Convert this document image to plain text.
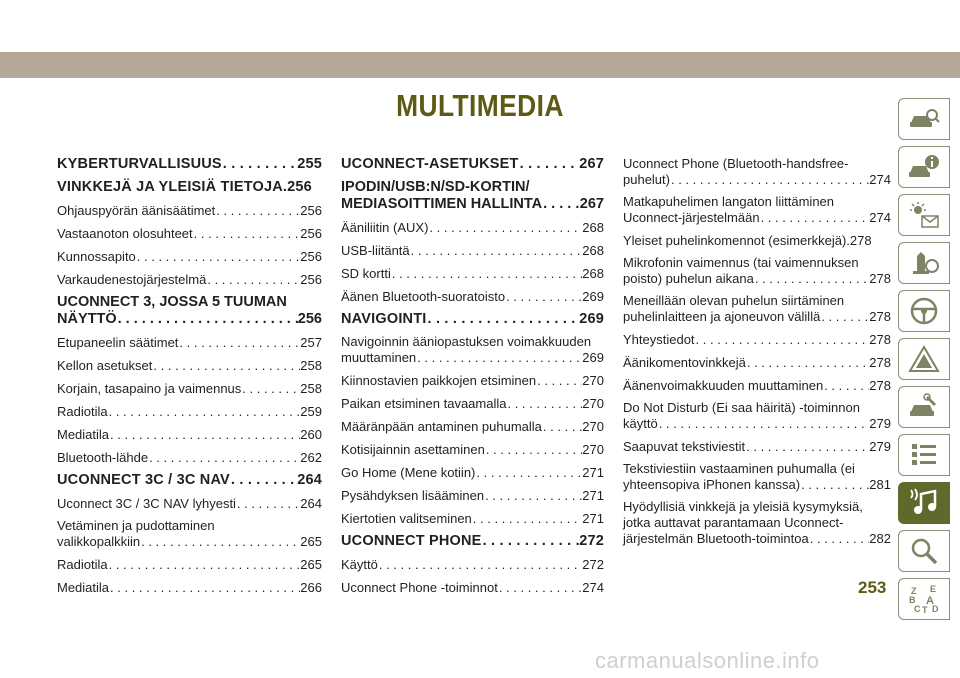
MULTIMEDIA
KYBERTURVALLISUUS . . .	255
VINKKEJÄ JA YLEISIÄ TIETOJA . 256
Ohjauspyörän äänisäätimet . . .	256
Vastaanoton olosuhteet . . .	256
Kunnossapito . . .	256
Varkaudenestojärjestelmä . . .	256
UCONNECT 3, JOSSA 5 TUUMAN
NÄYTTÖ . . .	256
Etupaneelin säätimet . . .	257
Kellon asetukset . . .	258
Korjain, tasapaino ja vaimennus . . .	258
Radiotila . . .	259
Mediatila . . .	260
Bluetooth-lähde . . .	262
UCONNECT 3C / 3C NAV . . .	264
Uconnect 3C / 3C NAV lyhyesti . . .	264
Vetäminen ja pudottaminen
valikkopalkkiin . . .	265
Radiotila . . .	265
Mediatila . . .	266
UCONNECT-ASETUKSET . . .	267
IPODIN/USB:N/SD-KORTIN/
MEDIASOITTIMEN HALLINTA . . .	267
Ääniliitin (AUX) . . .	268
USB-liitäntä . . .	268
SD kortti . . .	268
Äänen Bluetooth-suoratoisto . . .	269
NAVIGOINTI . . .	269
Navigoinnin ääniopastuksen voimakkuuden
muuttaminen . . .	269
Kiinnostavien paikkojen etsiminen . . .	270
Paikan etsiminen tavaamalla . . .	270
Määränpään antaminen puhumalla . . .	270
Kotisijainnin asettaminen . . .	270
Go Home (Mene kotiin) . . .	271
Pysähdyksen lisääminen . . .	271
Kiertotien valitseminen . . .	271
UCONNECT PHONE . . .	272
Käyttö . . .	272
Uconnect Phone -toiminnot . . .	274
Uconnect Phone (Bluetooth-handsfree-
puhelut) . . .	274
Matkapuhelimen langaton liittäminen
Uconnect-järjestelmään . . .	274
Yleiset puhelinkomennot (esimerkkejä) . 278
Mikrofonin vaimennus (tai vaimennuksen
poisto) puhelun aikana . . .	278
Meneillään olevan puhelun siirtäminen
puhelinlaitteen ja ajoneuvon välillä . . .	278
Yhteystiedot . . .	278
Äänikomentovinkkejä . . .	278
Äänenvoimakkuuden muuttaminen . . .	278
Do Not Disturb (Ei saa häiritä) -toiminnon
käyttö . . .	279
Saapuvat tekstiviestit . . .	279
Tekstiviestiin vastaaminen puhumalla (ei
yhteensopiva iPhonen kanssa) . . .	281
Hyödyllisiä vinkkejä ja yleisiä kysymyksiä,
jotka auttavat parantamaan Uconnect-
järjestelmän Bluetooth-toimintoa . . .	282
Z E
B A
C T D
253
carmanualsonline.info
